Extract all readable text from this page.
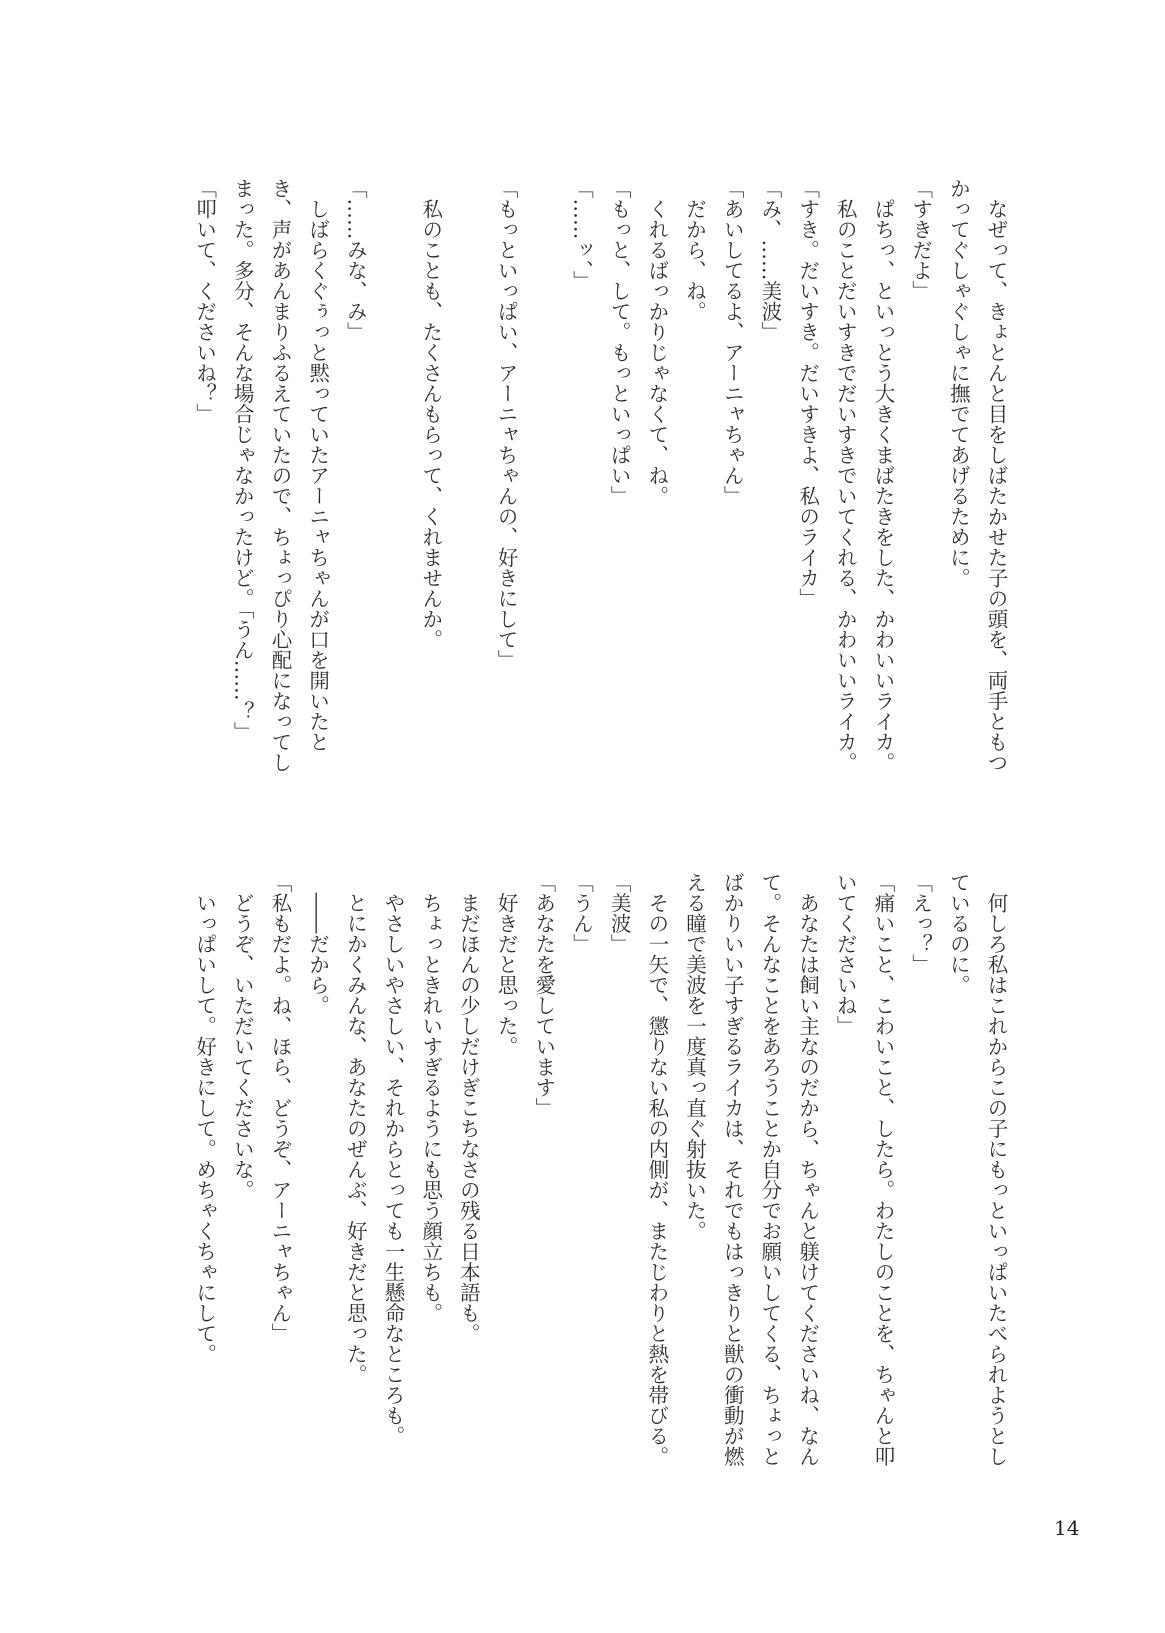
　なぜって、きょとんと目をしばたかせた子の頭を、両手ともつ
かってぐしゃぐしゃに撫でてあげるために。
「すきだよ」
　ぱちっ、といっとう大きくまばたきをした、かわいいライカ。
　私のことだいすきでだいすきでいてくれる、かわいいライカ。
「すき。だいすき。だいすきよ、私のライカ」
「み、……美波」
「あいしてるよ、アーニャちゃん」
　だから、ね。
　くれるばっかりじゃなくて、ね。
「もっと、して。もっといっぱい」
「……ッ、」
「もっといっぱい、アーニャちゃんの、好きにして」
　私のことも、たくさんもらって、くれませんか。
「……みな、み」
　しばらくぐぅっと黙っていたアーニャちゃんが口を開いたと
き、声があんまりふるえていたので、ちょっぴり心配になってし
まった。多分、そんな場合じゃなかったけど。「うん……？」
「叩いて、くださいね？」
　何しろ私はこれからこの子にもっといっぱいたべられようとし
ているのに。
「えっ？」
「痛いこと、こわいこと、したら。わたしのことを、ちゃんと叩
いてくださいね」
　あなたは飼い主なのだから、ちゃんと躾けてくださいね、なん
て。そんなことをあろうことか自分でお願いしてくる、ちょっと
ばかりいい子すぎるライカは、それでもはっきりと獣の衝動が燃
える瞳で美波を一度真っ直ぐ射抜いた。
　その一矢で、懲りない私の内側が、またじわりと熱を帯びる。
「美波」
「うん」
「あなたを愛しています」
　好きだと思った。
　まだほんの少しだけぎこちなさの残る日本語も。
　ちょっときれいすぎるようにも思う顔立ちも。
　やさしいやさしい、それからとっても一生懸命なところも。
　とにかくみんな、あなたのぜんぶ、好きだと思った。
　――だから。
「私もだよ。ね、ほら、どうぞ、アーニャちゃん」
　どうぞ、いただいてくださいな。
　いっぱいして。好きにして。めちゃくちゃにして。
14
